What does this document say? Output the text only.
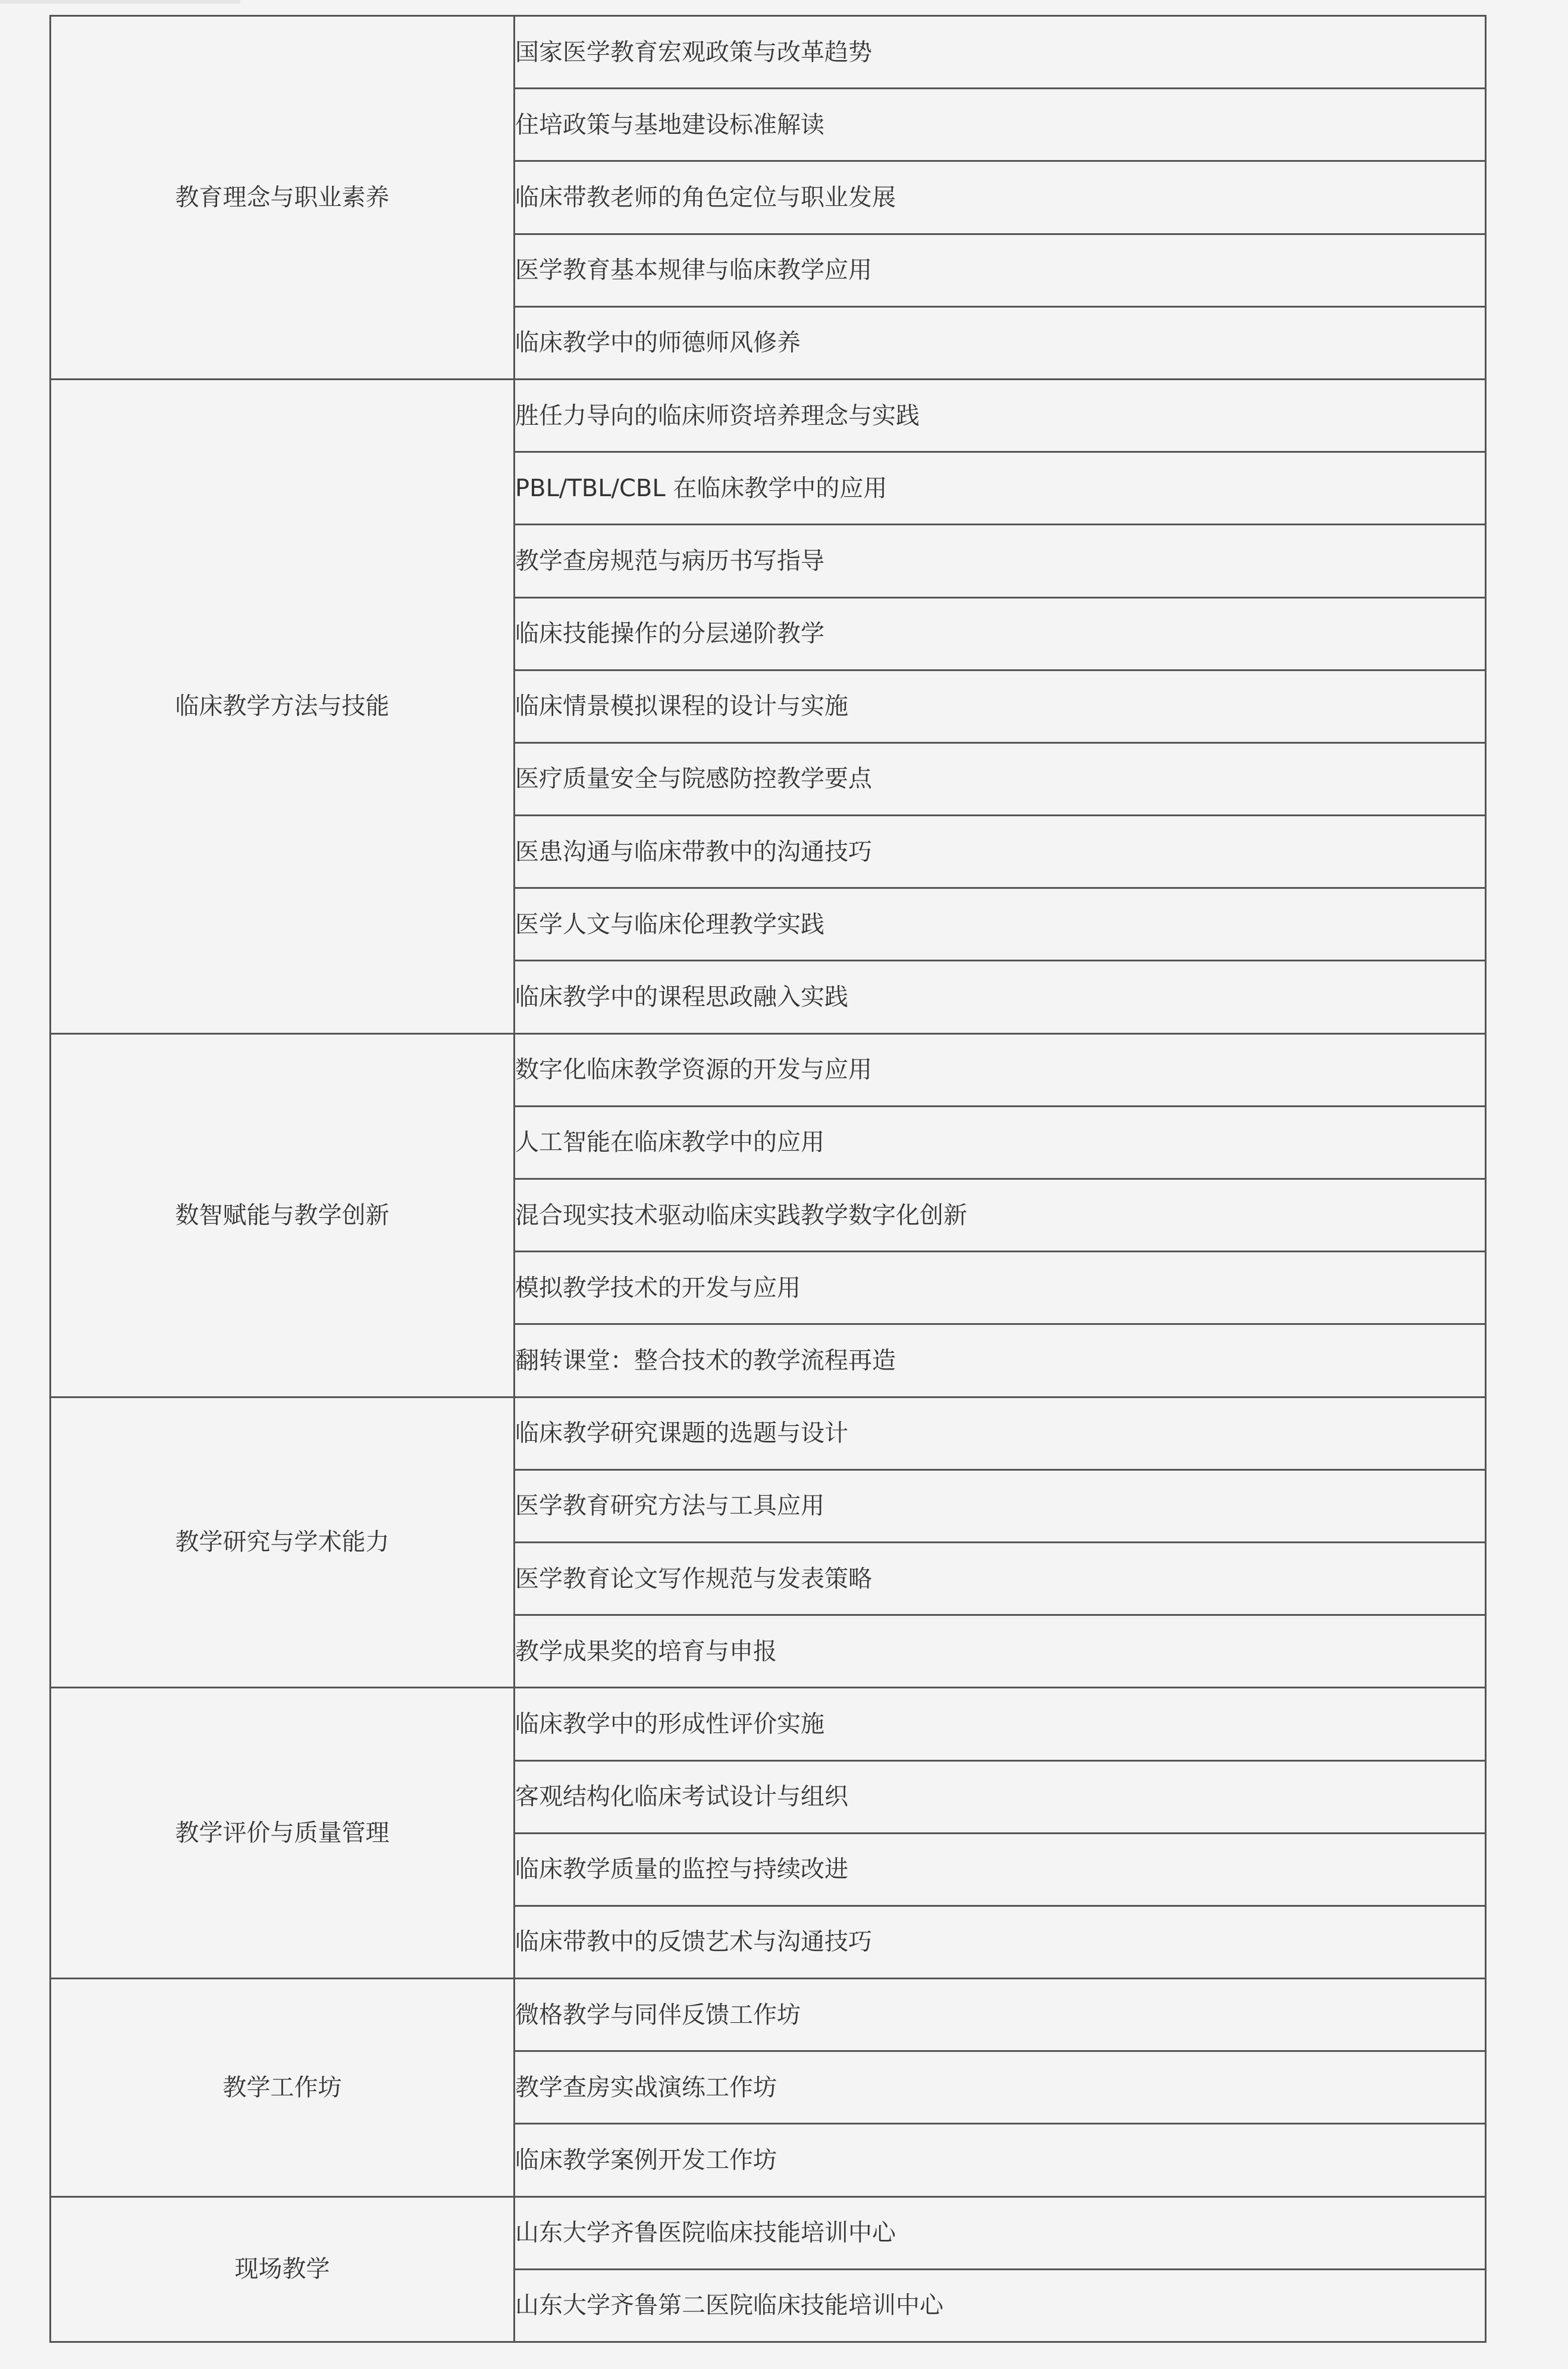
教育理念与职业素养	国家医学教育宏观政策与改革趋势
	住培政策与基地建设标准解读
	临床带教老师的角色定位与职业发展
	医学教育基本规律与临床教学应用
	临床教学中的师德师风修养
临床教学方法与技能	胜任力导向的临床师资培养理念与实践
	PBL/TBL/CBL 在临床教学中的应用
	教学查房规范与病历书写指导
	临床技能操作的分层递阶教学
	临床情景模拟课程的设计与实施
	医疗质量安全与院感防控教学要点
	医患沟通与临床带教中的沟通技巧
	医学人文与临床伦理教学实践
	临床教学中的课程思政融入实践
数智赋能与教学创新	数字化临床教学资源的开发与应用
	人工智能在临床教学中的应用
	混合现实技术驱动临床实践教学数字化创新
	模拟教学技术的开发与应用
	翻转课堂：整合技术的教学流程再造
教学研究与学术能力	临床教学研究课题的选题与设计
	医学教育研究方法与工具应用
	医学教育论文写作规范与发表策略
	教学成果奖的培育与申报
教学评价与质量管理	临床教学中的形成性评价实施
	客观结构化临床考试设计与组织
	临床教学质量的监控与持续改进
	临床带教中的反馈艺术与沟通技巧
教学工作坊	微格教学与同伴反馈工作坊
	教学查房实战演练工作坊
	临床教学案例开发工作坊
现场教学	山东大学齐鲁医院临床技能培训中心
	山东大学齐鲁第二医院临床技能培训中心
